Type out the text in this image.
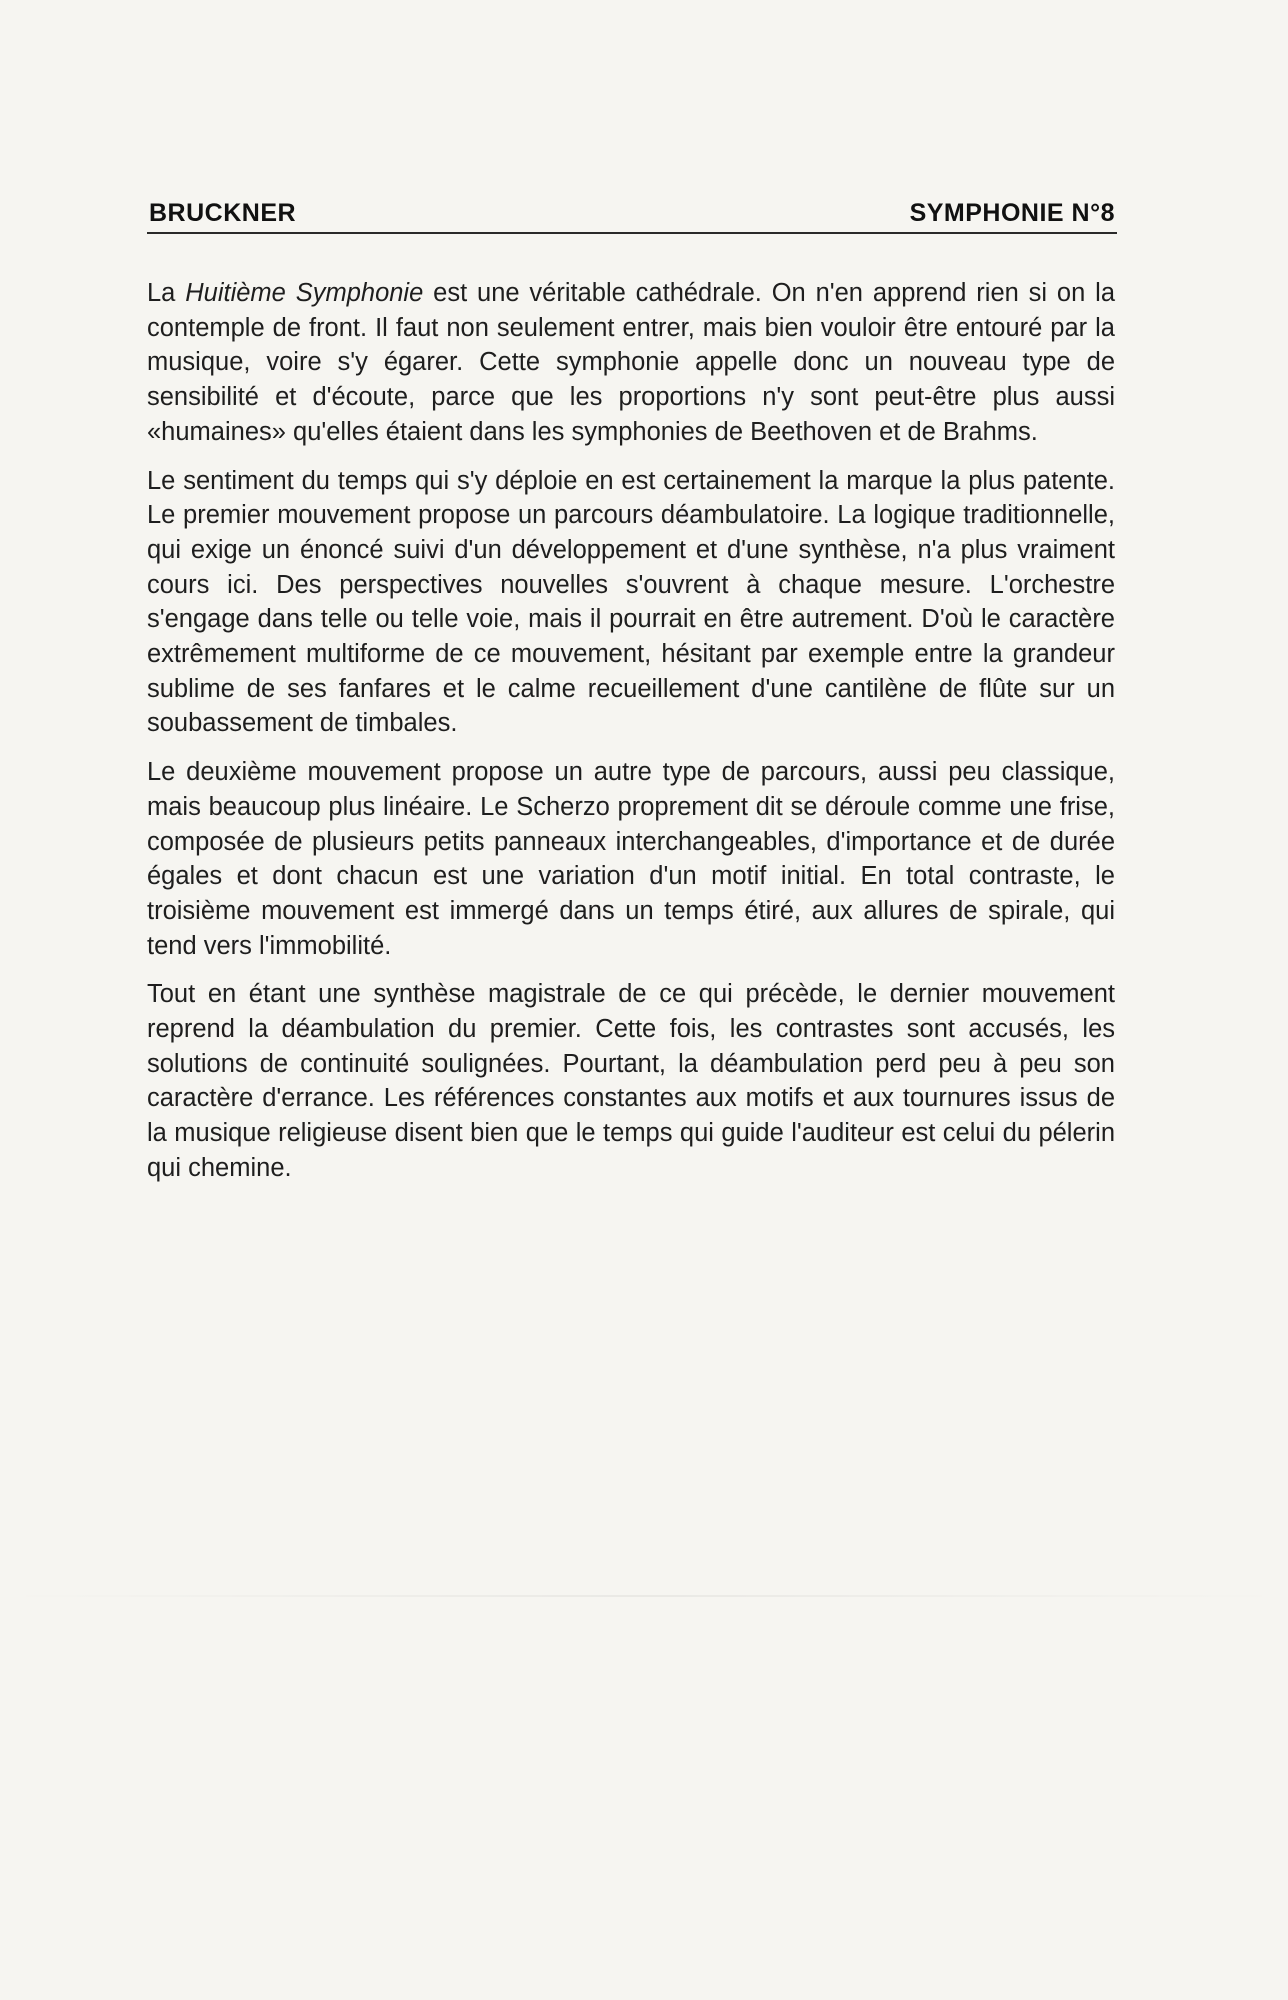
BRUCKNER	SYMPHONIE N°8

La Huitième Symphonie est une véritable cathédrale. On n'en apprend rien si on la contemple de front. Il faut non seulement entrer, mais bien vouloir être entouré par la musique, voire s'y égarer. Cette symphonie appelle donc un nouveau type de sensibilité et d'écoute, parce que les proportions n'y sont peut-être plus aussi «humaines» qu'elles étaient dans les symphonies de Beethoven et de Brahms.

Le sentiment du temps qui s'y déploie en est certainement la marque la plus patente. Le premier mouvement propose un parcours déambulatoire. La logique traditionnelle, qui exige un énoncé suivi d'un développement et d'une synthèse, n'a plus vraiment cours ici. Des perspectives nouvelles s'ouvrent à chaque mesure. L'orchestre s'engage dans telle ou telle voie, mais il pourrait en être autrement. D'où le caractère extrêmement multiforme de ce mouvement, hésitant par exemple entre la grandeur sublime de ses fanfares et le calme recueillement d'une cantilène de flûte sur un soubassement de timbales.

Le deuxième mouvement propose un autre type de parcours, aussi peu classique, mais beaucoup plus linéaire. Le Scherzo proprement dit se déroule comme une frise, composée de plusieurs petits panneaux interchangeables, d'importance et de durée égales et dont chacun est une variation d'un motif initial. En total contraste, le troisième mouvement est immergé dans un temps étiré, aux allures de spirale, qui tend vers l'immobilité.

Tout en étant une synthèse magistrale de ce qui précède, le dernier mouvement reprend la déambulation du premier. Cette fois, les contrastes sont accusés, les solutions de continuité soulignées. Pourtant, la déambulation perd peu à peu son caractère d'errance. Les références constantes aux motifs et aux tournures issus de la musique religieuse disent bien que le temps qui guide l'auditeur est celui du pélerin qui chemine.
